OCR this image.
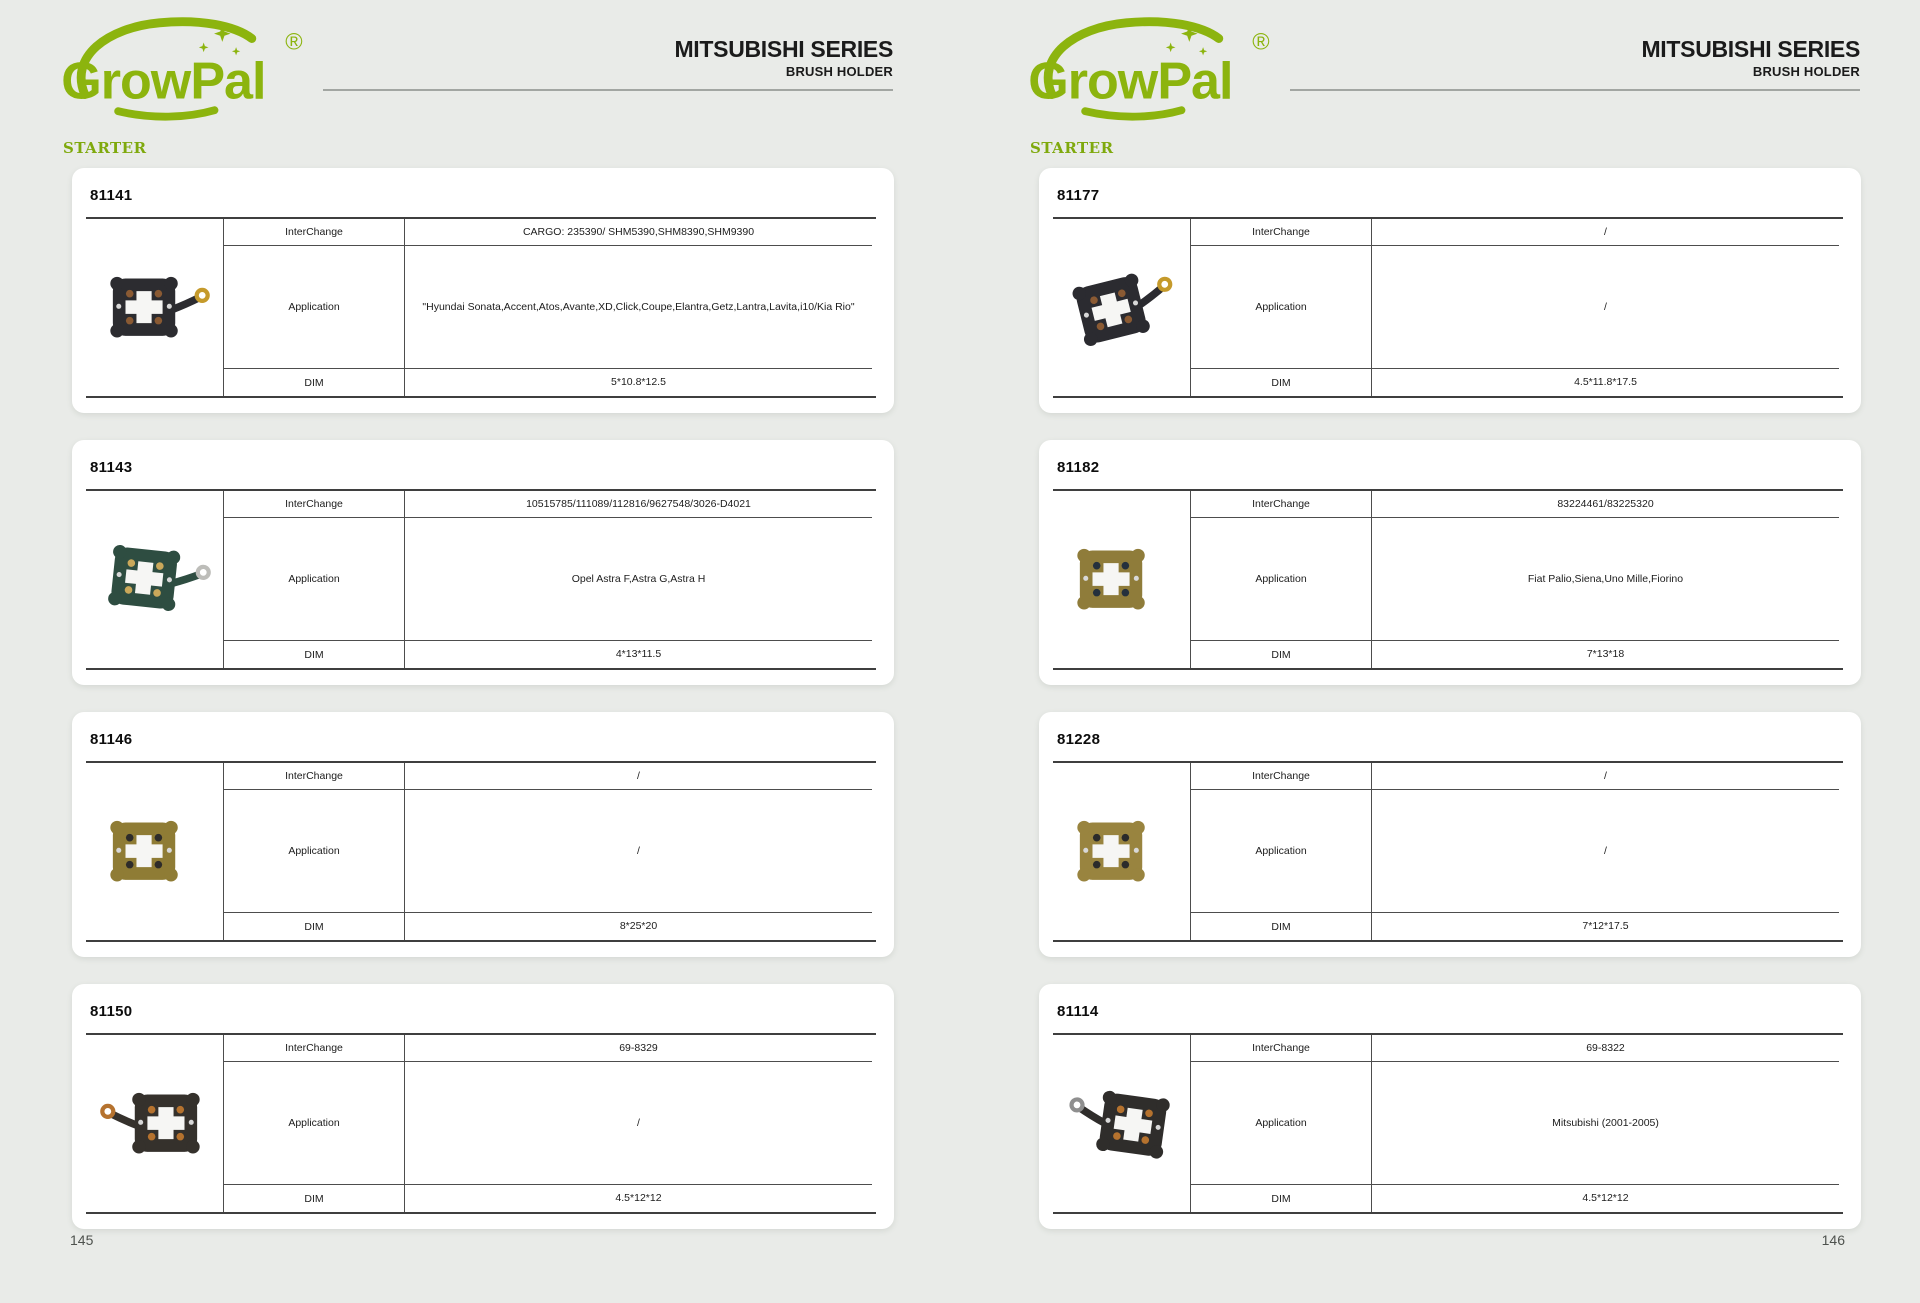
MITSUBISHI SERIES
BRUSH HOLDER
STARTER
81141
InterChange	CARGO: 235390/ SHM5390,SHM8390,SHM9390
Application	"Hyundai Sonata,Accent,Atos,Avante,XD,Click,Coupe,Elantra,Getz,Lantra,Lavita,i10/Kia Rio"
DIM	5*10.8*12.5
81143
InterChange	10515785/111089/112816/9627548/3026-D4021
Application	Opel Astra F,Astra G,Astra H
DIM	4*13*11.5
81146
InterChange	/
Application	/
DIM	8*25*20
81150
InterChange	69-8329
Application	/
DIM	4.5*12*12
145
MITSUBISHI SERIES
BRUSH HOLDER
STARTER
81177
InterChange	/
Application	/
DIM	4.5*11.8*17.5
81182
InterChange	83224461/83225320
Application	Fiat Palio,Siena,Uno Mille,Fiorino
DIM	7*13*18
81228
InterChange	/
Application	/
DIM	7*12*17.5
81114
InterChange	69-8322
Application	Mitsubishi (2001-2005)
DIM	4.5*12*12
146
